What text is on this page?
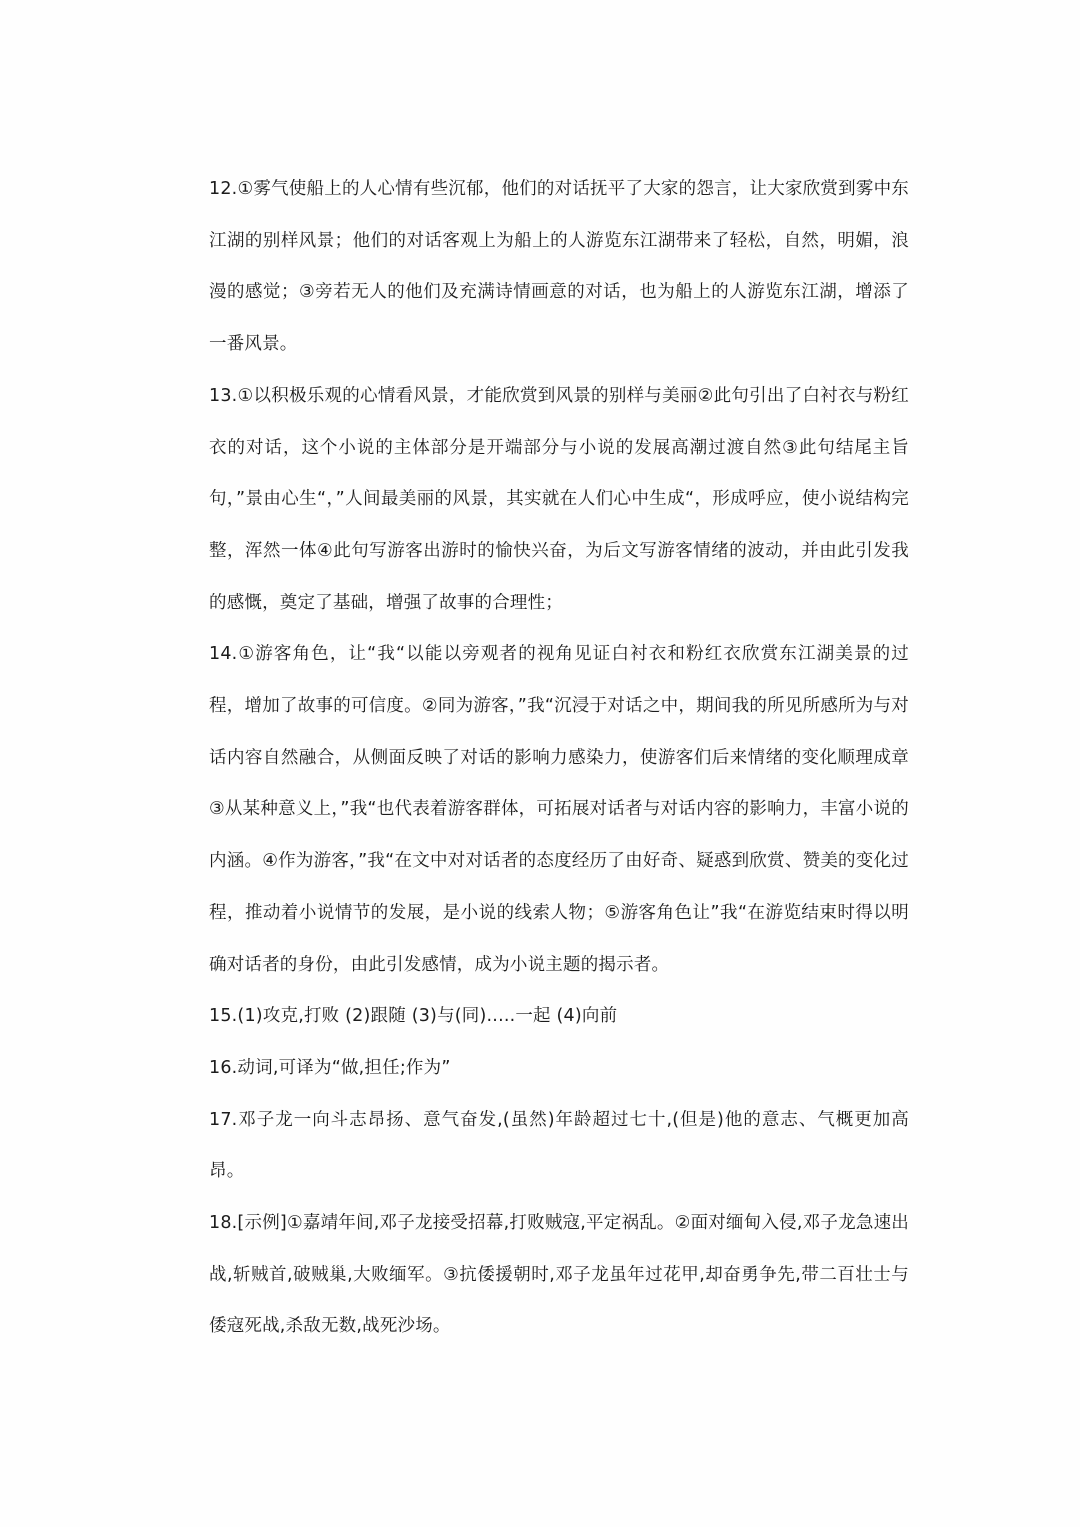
12.①雾气使船上的人心情有些沉郁，他们的对话抚平了大家的怨言，让大家欣赏到雾中东江湖的别样风景；他们的对话客观上为船上的人游览东江湖带来了轻松，自然，明媚，浪漫的感觉；③旁若无人的他们及充满诗情画意的对话，也为船上的人游览东江湖，增添了一番风景。

13.①以积极乐观的心情看风景，才能欣赏到风景的别样与美丽②此句引出了白衬衣与粉红衣的对话，这个小说的主体部分是开端部分与小说的发展高潮过渡自然③此句结尾主旨句，”景由心生“，”人间最美丽的风景，其实就在人们心中生成“，形成呼应，使小说结构完整，浑然一体④此句写游客出游时的愉快兴奋，为后文写游客情绪的波动，并由此引发我的感慨，奠定了基础，增强了故事的合理性；

14.①游客角色，让“我“以能以旁观者的视角见证白衬衣和粉红衣欣赏东江湖美景的过程，增加了故事的可信度。②同为游客，”我“沉浸于对话之中，期间我的所见所感所为与对话内容自然融合，从侧面反映了对话的影响力感染力，使游客们后来情绪的变化顺理成章③从某种意义上，”我“也代表着游客群体，可拓展对话者与对话内容的影响力，丰富小说的内涵。④作为游客，”我“在文中对对话者的态度经历了由好奇、疑惑到欣赏、赞美的变化过程，推动着小说情节的发展，是小说的线索人物；⑤游客角色让”我“在游览结束时得以明确对话者的身份，由此引发感情，成为小说主题的揭示者。

15.(1)攻克,打败 (2)跟随 (3)与(同).....一起 (4)向前

16.动词,可译为“做,担任;作为”

17.邓子龙一向斗志昂扬、意气奋发,(虽然)年龄超过七十,(但是)他的意志、气概更加高昂。

18.[示例]①嘉靖年间,邓子龙接受招幕,打败贼寇,平定祸乱。②面对缅甸入侵,邓子龙急速出战,斩贼首,破贼巢,大败缅军。③抗倭援朝时,邓子龙虽年过花甲,却奋勇争先,带二百壮士与倭寇死战,杀敌无数,战死沙场。
